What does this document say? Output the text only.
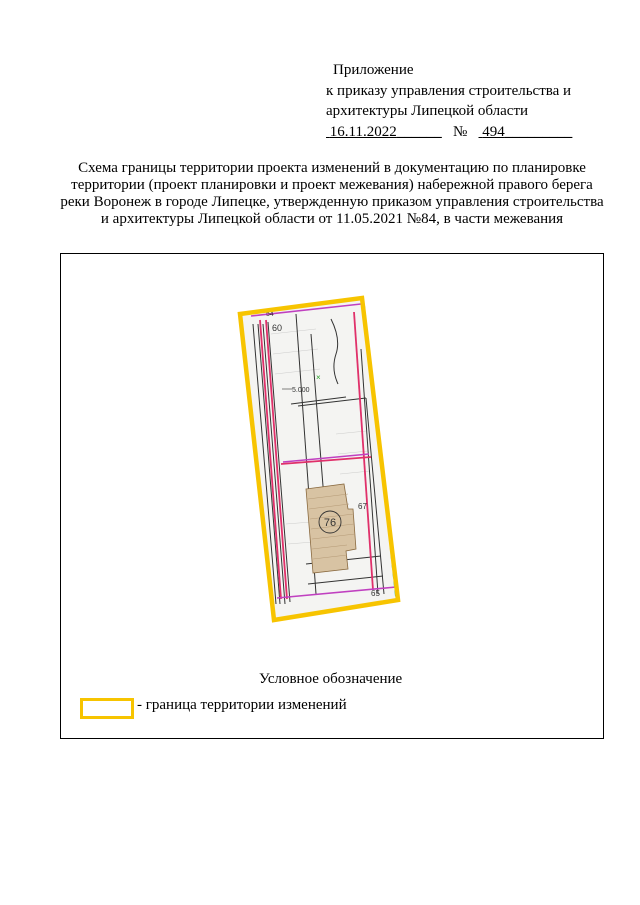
Приложение
к приказу управления строительства и
архитектуры Липецкой области
16.11.2022______ № 494_________
Схема границы территории проекта изменений в документацию по планировке территории (проект планировки и проект межевания) набережной правого берега реки Воронеж в городе Липецке, утвержденную приказом управления строительства и архитектуры Липецкой области от 11.05.2021 №84, в части межевания
76
60
54
5.000
67
65
×
Условное обозначение
- граница территории изменений
